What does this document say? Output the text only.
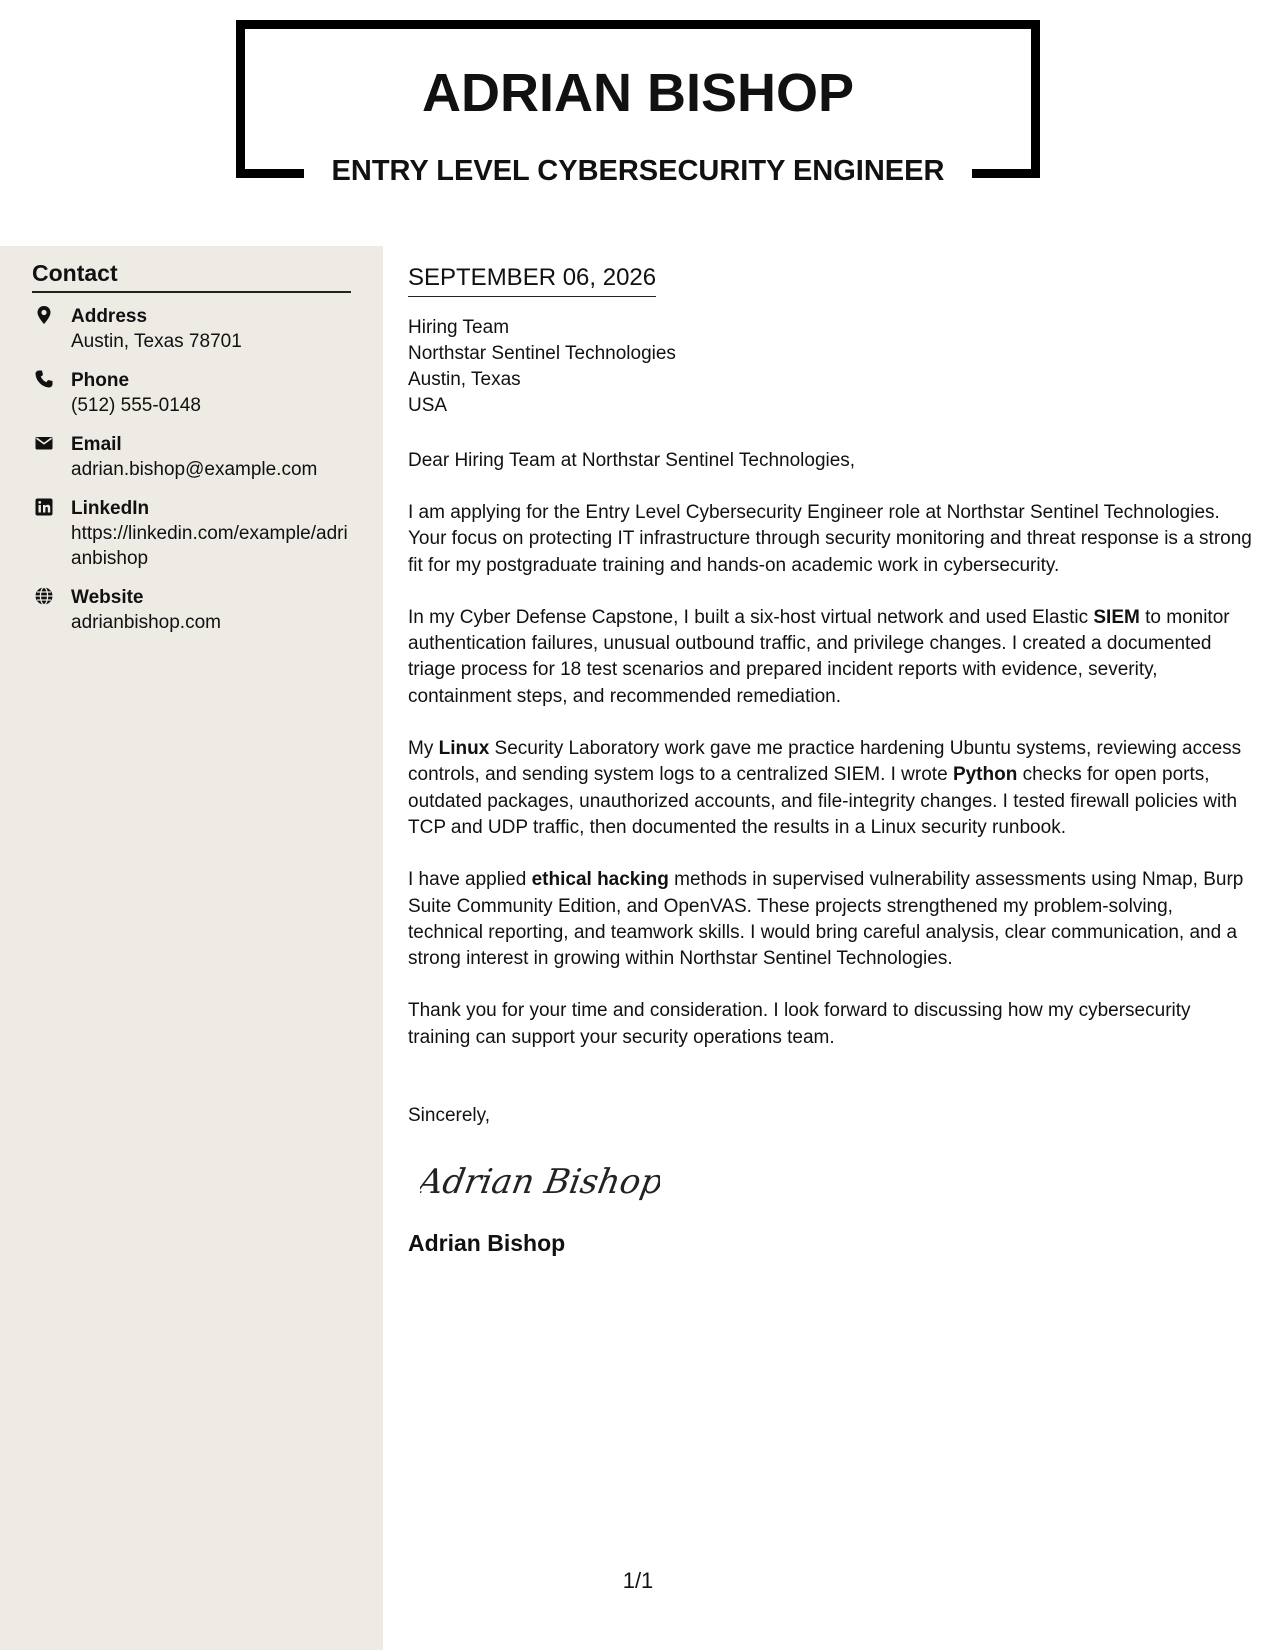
ADRIAN BISHOP
ENTRY LEVEL CYBERSECURITY ENGINEER
Contact
Address
Austin, Texas 78701
Phone
(512) 555-0148
Email
adrian.bishop@example.com
LinkedIn
https://linkedin.com/example/adrianbishop
Website
adrianbishop.com
SEPTEMBER 06, 2026
Hiring Team
Northstar Sentinel Technologies
Austin, Texas
USA
Dear Hiring Team at Northstar Sentinel Technologies,
I am applying for the Entry Level Cybersecurity Engineer role at Northstar Sentinel Technologies. Your focus on protecting IT infrastructure through security monitoring and threat response is a strong fit for my postgraduate training and hands-on academic work in cybersecurity.
In my Cyber Defense Capstone, I built a six-host virtual network and used Elastic SIEM to monitor authentication failures, unusual outbound traffic, and privilege changes. I created a documented triage process for 18 test scenarios and prepared incident reports with evidence, severity, containment steps, and recommended remediation.
My Linux Security Laboratory work gave me practice hardening Ubuntu systems, reviewing access controls, and sending system logs to a centralized SIEM. I wrote Python checks for open ports, outdated packages, unauthorized accounts, and file-integrity changes. I tested firewall policies with TCP and UDP traffic, then documented the results in a Linux security runbook.
I have applied ethical hacking methods in supervised vulnerability assessments using Nmap, Burp Suite Community Edition, and OpenVAS. These projects strengthened my problem-solving, technical reporting, and teamwork skills. I would bring careful analysis, clear communication, and a strong interest in growing within Northstar Sentinel Technologies.
Thank you for your time and consideration. I look forward to discussing how my cybersecurity training can support your security operations team.
Sincerely,
Adrian Bishop
Adrian Bishop
1/1
